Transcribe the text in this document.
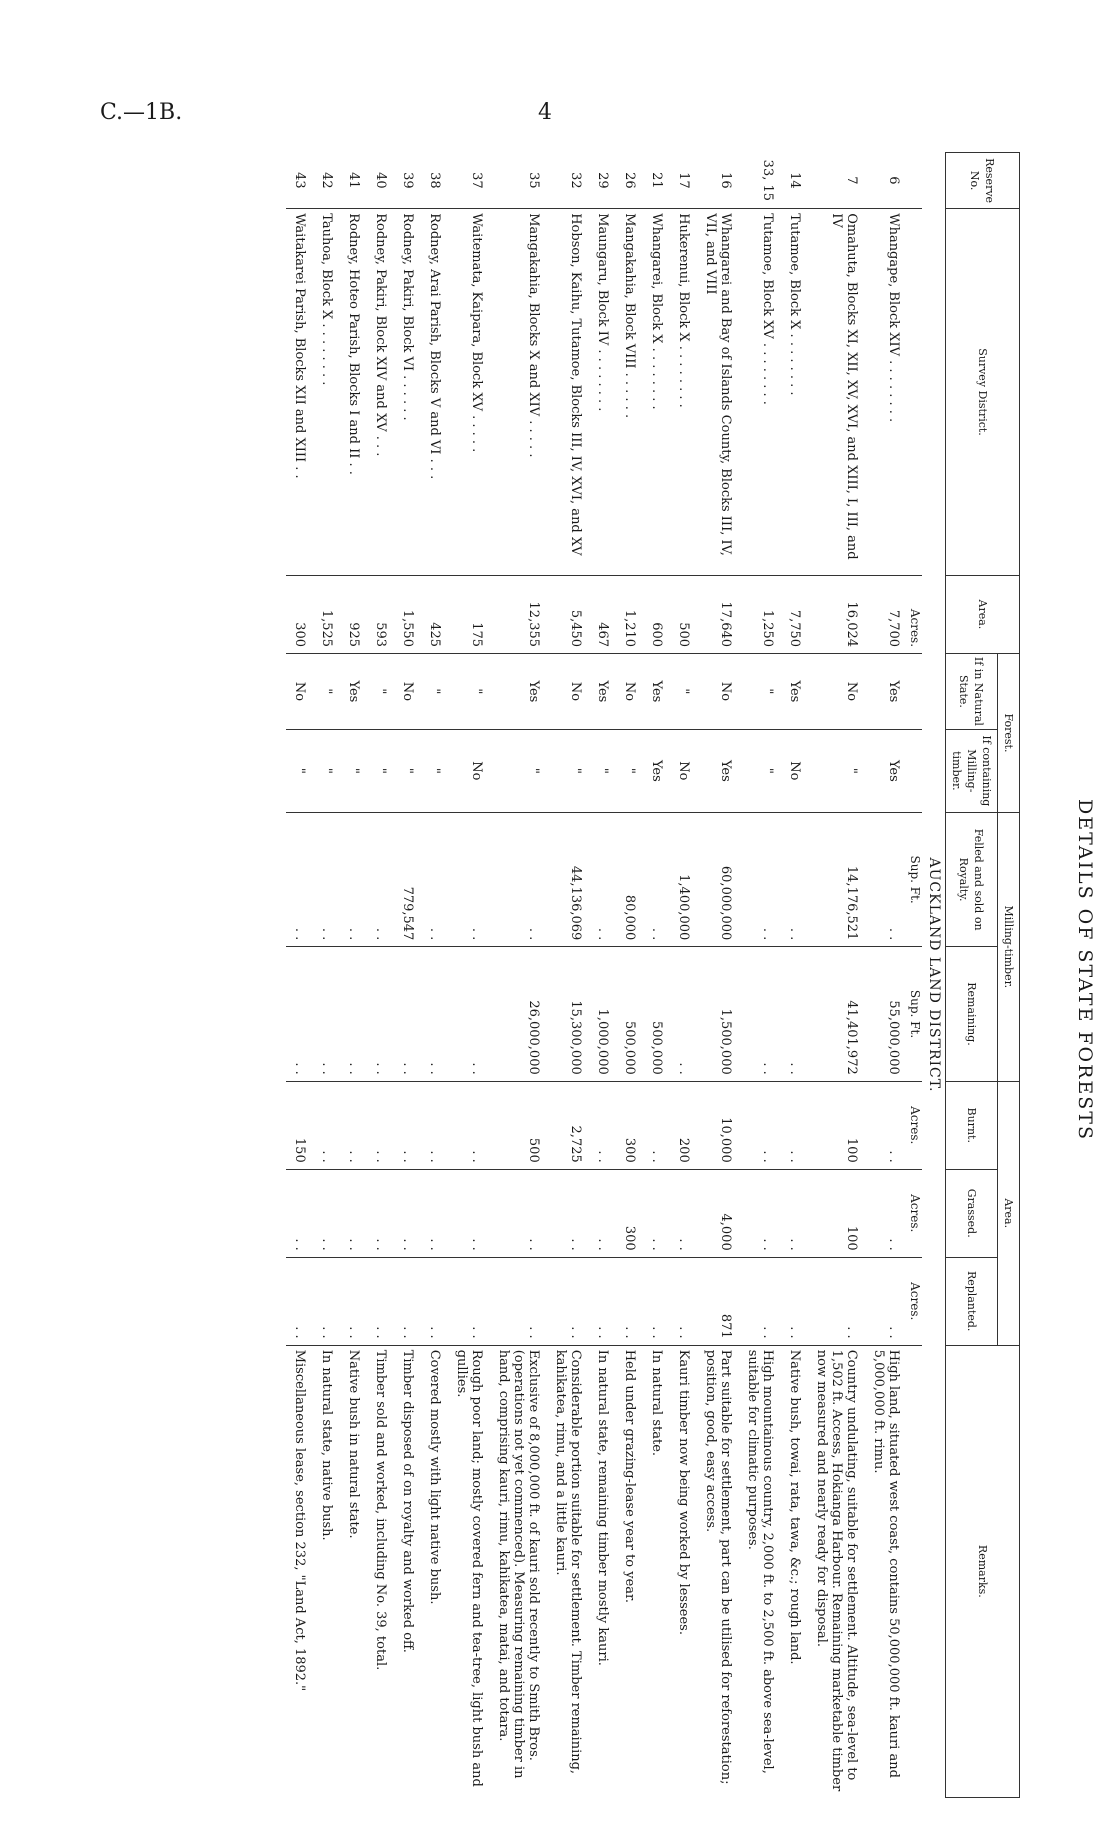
C.—1B.	4
DETAILS OF STATE FORESTS
Reserve No.	Survey District.	Area.	Forest.		Milling-timber.		Area.			Remarks.
			If in Natural State.	If containing Milling-timber.	Felled and sold on Royalty.	Remaining.	Burnt.	Grassed.	Replanted.	
AUCKLAND LAND DISTRICT.										
		Acres.			Sup. Ft.	Sup. Ft.	Acres.	Acres.	Acres.	
6	Whangape, Block XIV . . . . . . . .	7,700	Yes	Yes	. .	55,000,000	. .	. .	. .	High land, situated west coast, contains 50,000,000 ft. kauri and 5,000,000 ft. rimu.
7	Omahuta, Blocks XI, XII, XV, XVI, and XIII, I, III, and IV	16,024	No	"	14,176,521	41,401,972	100	100	. .	Country undulating, suitable for settlement. Altitude, sea-level to 1,502 ft. Access, Hokianga Harbour. Remaining marketable timber now measured and nearly ready for disposal.
14	Tutamoe, Block X . . . . . . . .	7,750	Yes	No	. .	. .	. .	. .	. .	Native bush, towai, rata, tawa, &c.; rough land.
33, 15	Tutamoe, Block XV . . . . . . . .	1,250	"	"	. .	. .	. .	. .	. .	High mountainous country, 2,000 ft. to 2,500 ft. above sea-level, suitable for climatic purposes.
16	Whangarei and Bay of Islands County, Blocks III, IV, VII, and VIII	17,640	No	Yes	60,000,000	1,500,000	10,000	4,000	871	Part suitable for settlement, part can be utilised for reforestation; position, good, easy access.
17	Hukerenui, Block X . . . . . . . .	500	"	No	1,400,000	. .	200	. .	. .	Kauri timber now being worked by lessees.
21	Whangarei, Block X . . . . . . . .	600	Yes	Yes	. .	500,000	. .	. .	. .	In natural state.
26	Mangakahia, Block VIII . . . . . .	1,210	No	"	80,000	500,000	300	300	. .	Held under grazing-lease year to year.
29	Maungaru, Block IV . . . . . . . .	467	Yes	"	. .	1,000,000	. .	. .	. .	In natural state, remaining timber mostly kauri.
32	Hobson, Kaihu, Tutamoe, Blocks III, IV, XVI, and XV	5,450	No	"	44,136,069	15,300,000	2,725	. .	. .	Considerable portion suitable for settlement. Timber remaining, kahikatea, rimu, and a little kauri.
35	Mangakahia, Blocks X and XIV . . . . .	12,355	Yes	"	. .	26,000,000	500	. .	. .	Exclusive of 8,000,000 ft. of kauri sold recently to Smith Bros. (operations not yet commenced). Measuring remaining timber in hand, comprising kauri, rimu, kahikatea, matai, and totara.
37	Waitemata, Kaipara, Block XV . . . . .	175	"	No	. .	. .	. .	. .	. .	Rough poor land; mostly covered fern and tea-tree, light bush and gullies.
38	Rodney, Arai Parish, Blocks V and VI . . .	425	"	"	. .	. .	. .	. .	. .	Covered mostly with light native bush.
39	Rodney, Pakiri, Block VI . . . . . .	1,550	No	"	779,547	. .	. .	. .	. .	Timber disposed of on royalty and worked off.
40	Rodney, Pakiri, Block XIV and XV . . .	593	"	"	. .	. .	. .	. .	. .	Timber sold and worked, including No. 39, total.
41	Rodney, Hoteo Parish, Blocks I and II . .	925	Yes	"	. .	. .	. .	. .	. .	Native bush in natural state.
42	Tauhoa, Block X . . . . . . . .	1,525	"	"	. .	. .	. .	. .	. .	In natural state, native bush.
43	Waitakarei Parish, Blocks XII and XIII . .	300	No	"	. .	. .	150	. .	. .	Miscellaneous lease, section 232, "Land Act, 1892."
